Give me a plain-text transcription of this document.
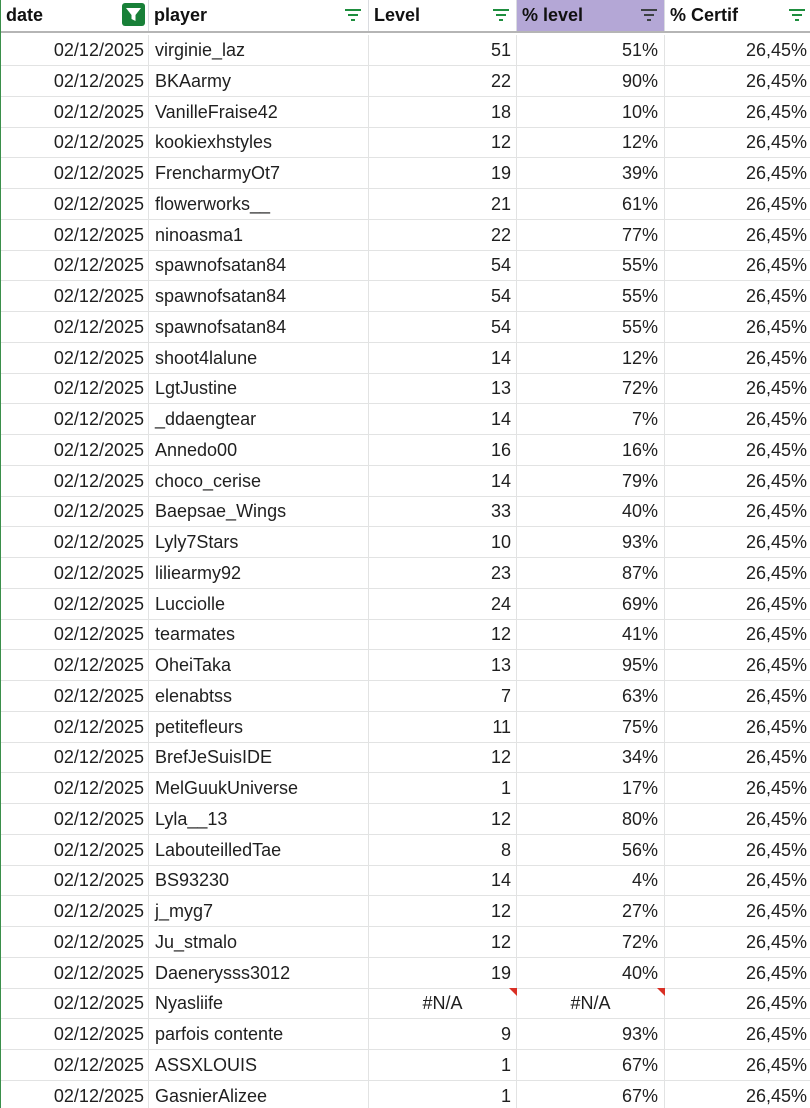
date	player	Level	% level	% Certif
02/12/2025 virginie_laz	51	51%	26,45%
02/12/2025 BKAarmy	22	90%	26,45%
02/12/2025 VanilleFraise42	18	10%	26,45%
02/12/2025 kookiexhstyles	12	12%	26,45%
02/12/2025 FrencharmyOt7	19	39%	26,45%
02/12/2025 flowerworks__	21	61%	26,45%
02/12/2025 ninoasma1	22	77%	26,45%
02/12/2025 spawnofsatan84	54	55%	26,45%
02/12/2025 spawnofsatan84	54	55%	26,45%
02/12/2025 spawnofsatan84	54	55%	26,45%
02/12/2025 shoot4lalune	14	12%	26,45%
02/12/2025 LgtJustine	13	72%	26,45%
02/12/2025 _ddaengtear	14	7%	26,45%
02/12/2025 Annedo00	16	16%	26,45%
02/12/2025 choco_cerise	14	79%	26,45%
02/12/2025 Baepsae_Wings	33	40%	26,45%
02/12/2025 Lyly7Stars	10	93%	26,45%
02/12/2025 liliearmy92	23	87%	26,45%
02/12/2025 Lucciolle	24	69%	26,45%
02/12/2025 tearmates	12	41%	26,45%
02/12/2025 OheiTaka	13	95%	26,45%
02/12/2025 elenabtss	7	63%	26,45%
02/12/2025 petitefleurs	11	75%	26,45%
02/12/2025 BrefJeSuisIDE	12	34%	26,45%
02/12/2025 MelGuukUniverse	1	17%	26,45%
02/12/2025 Lyla__13	12	80%	26,45%
02/12/2025 LabouteilledTae	8	56%	26,45%
02/12/2025 BS93230	14	4%	26,45%
02/12/2025 j_myg7	12	27%	26,45%
02/12/2025 Ju_stmalo	12	72%	26,45%
02/12/2025 Daenerysss3012	19	40%	26,45%
02/12/2025 Nyasliife	#N/A	#N/A	26,45%
02/12/2025 parfois contente	9	93%	26,45%
02/12/2025 ASSXLOUIS	1	67%	26,45%
02/12/2025 GasnierAlizee	1	67%	26,45%
